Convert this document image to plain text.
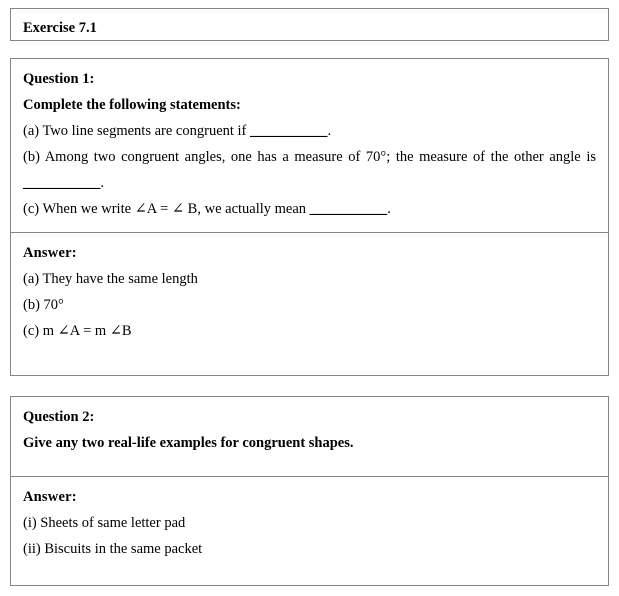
Exercise 7.1

Question 1:

Complete the following statements:

(a) Two line segments are congruent if __________.

(b) Among two congruent angles, one has a measure of 70°; the measure of the other angle is __________.

(c) When we write ∠A = ∠ B, we actually mean __________.

Answer:

(a) They have the same length

(b) 70°

(c) m ∠A = m ∠B

Question 2:

Give any two real-life examples for congruent shapes.

Answer:

(i) Sheets of same letter pad

(ii) Biscuits in the same packet
